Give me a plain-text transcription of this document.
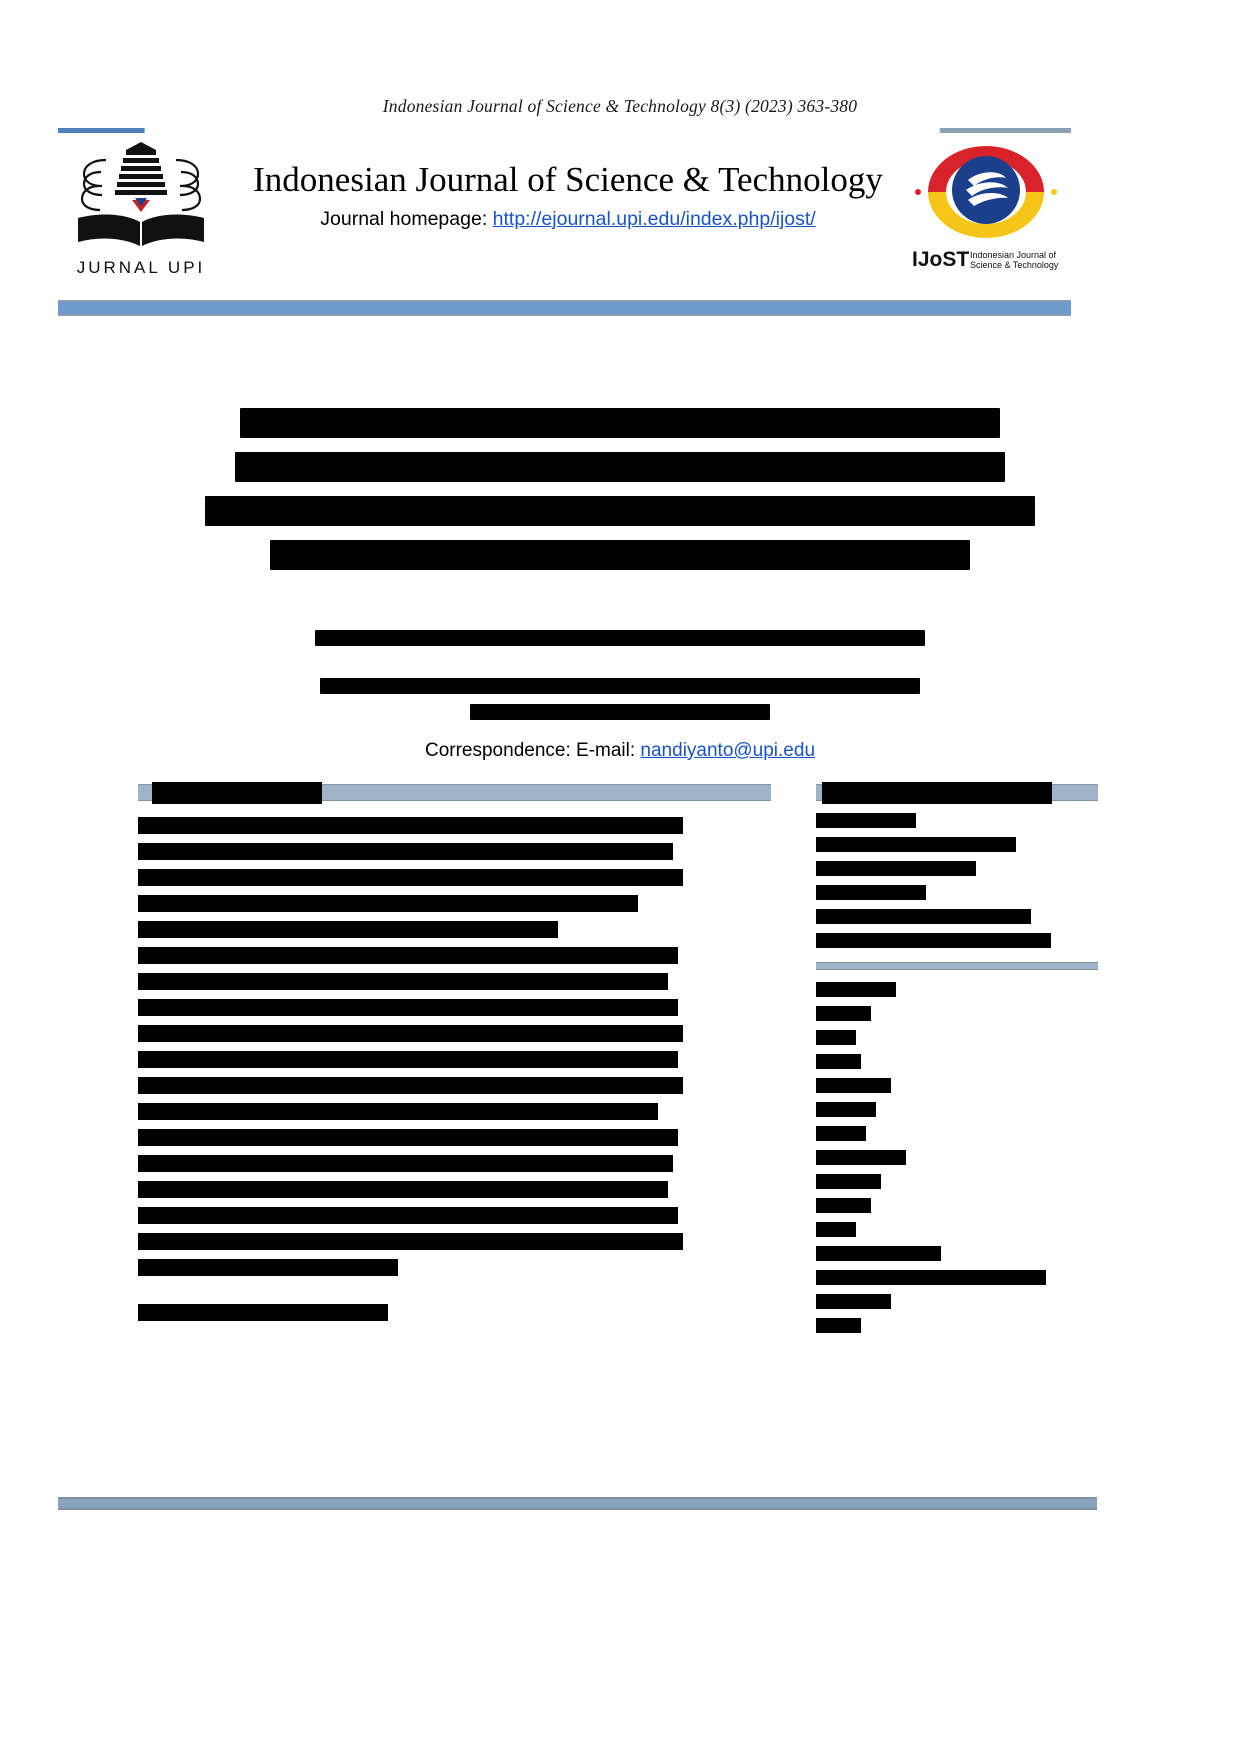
Indonesian Journal of Science & Technology 8(3) (2023) 363-380
JURNAL UPI
Indonesian Journal of Science & Technology
Journal homepage: http://ejournal.upi.edu/index.php/ijost/
IJoST Indonesian Journal of Science & Technology
Correspondence: E-mail: nandiyanto@upi.edu
